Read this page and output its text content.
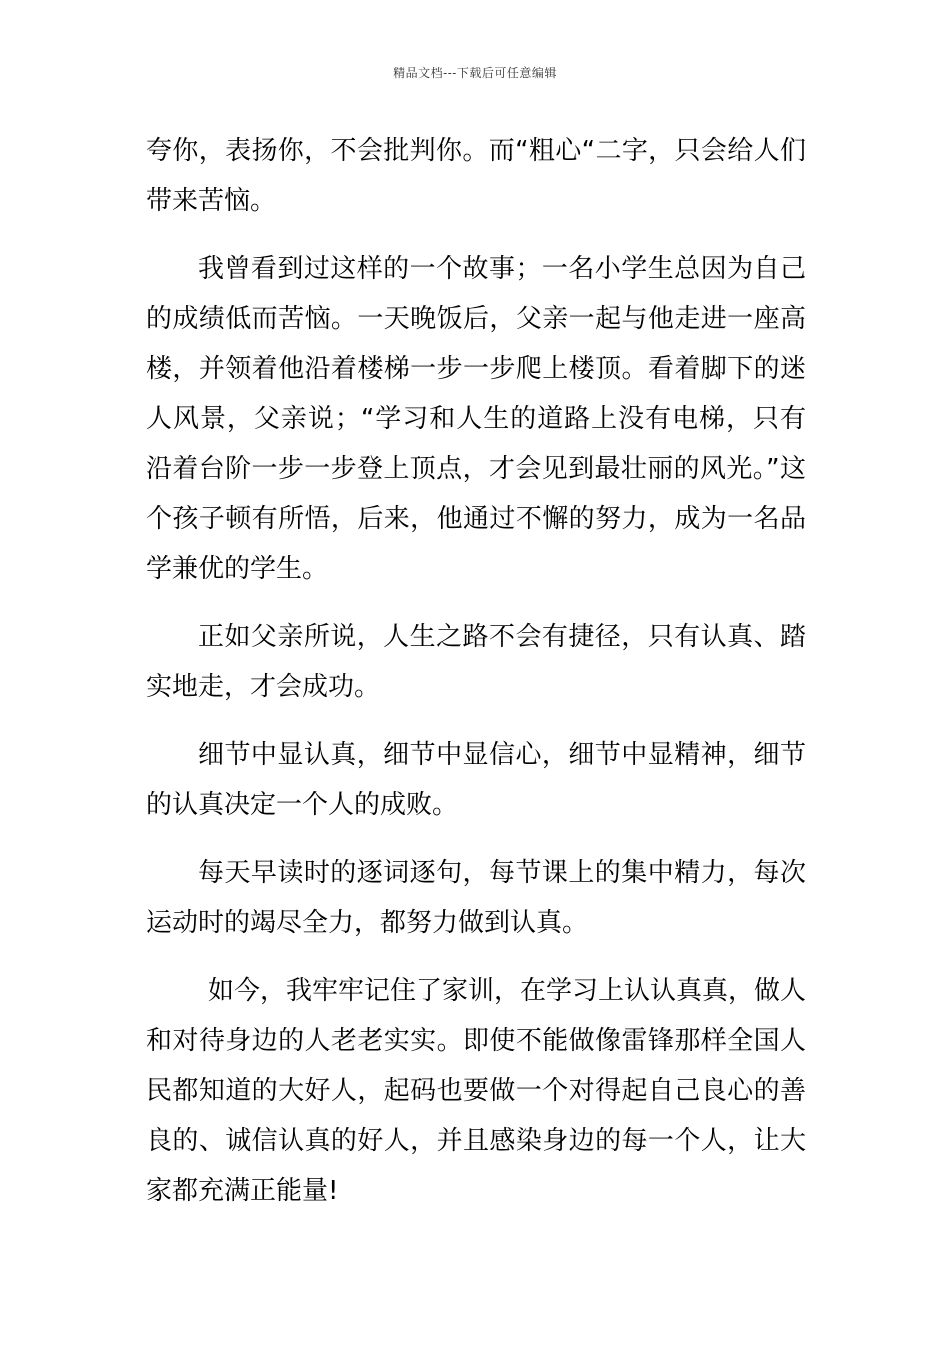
精品文档---下载后可任意编辑

夸你，表扬你，不会批判你。而“粗心“二字，只会给人们带来苦恼。

我曾看到过这样的一个故事；一名小学生总因为自己的成绩低而苦恼。一天晚饭后，父亲一起与他走进一座高楼，并领着他沿着楼梯一步一步爬上楼顶。看着脚下的迷人风景，父亲说；“学习和人生的道路上没有电梯，只有沿着台阶一步一步登上顶点，才会见到最壮丽的风光。”这个孩子顿有所悟，后来，他通过不懈的努力，成为一名品学兼优的学生。

正如父亲所说，人生之路不会有捷径，只有认真、踏实地走，才会成功。

细节中显认真，细节中显信心，细节中显精神，细节的认真决定一个人的成败。

每天早读时的逐词逐句，每节课上的集中精力，每次运动时的竭尽全力，都努力做到认真。

如今，我牢牢记住了家训，在学习上认认真真，做人和对待身边的人老老实实。即使不能做像雷锋那样全国人民都知道的大好人，起码也要做一个对得起自己良心的善良的、诚信认真的好人，并且感染身边的每一个人，让大家都充满正能量!
